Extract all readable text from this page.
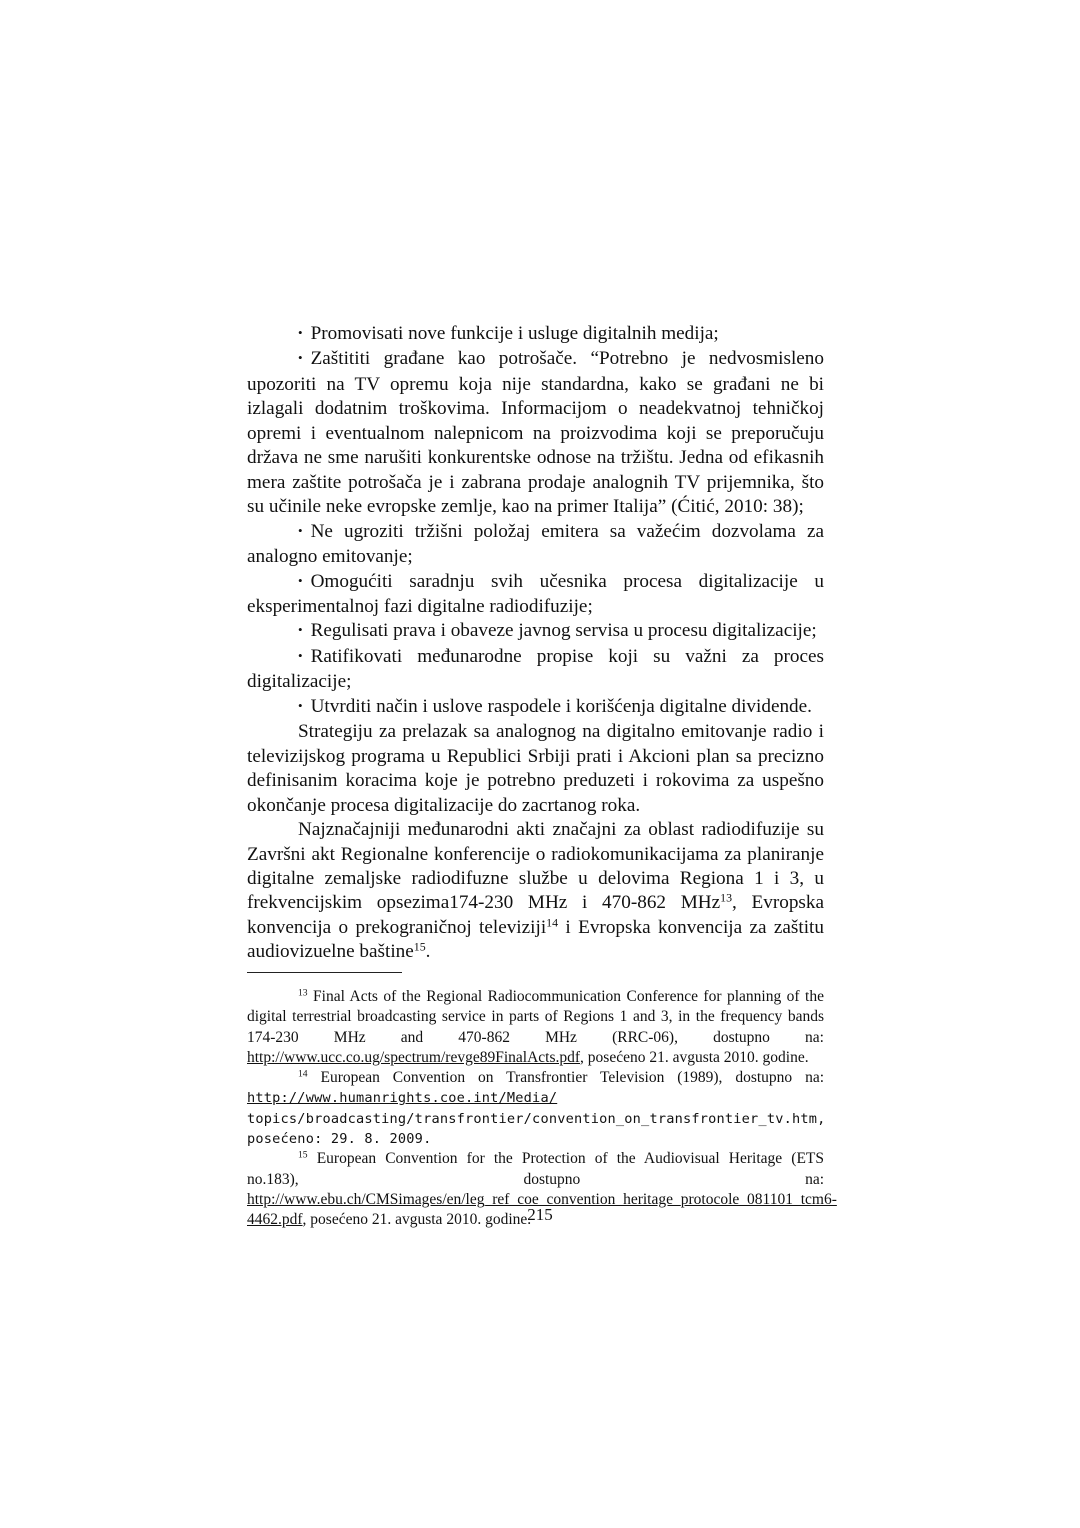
• Promovisati nove funkcije i usluge digitalnih medija;

• Zaštititi građane kao potrošače. “Potrebno je nedvosmisleno upozoriti na TV opremu koja nije standardna, kako se građani ne bi izlagali dodatnim troškovima. Informacijom o neadekvatnoj tehničkoj opremi i eventualnom nalepnicom na proizvodima koji se preporučuju država ne sme narušiti konkurentske odnose na tržištu. Jedna od efikasnih mera zaštite potrošača je i zabrana prodaje analognih TV prijemnika, što su učinile neke evropske zemlje, kao na primer Italija” (Ćitić, 2010: 38);

• Ne ugroziti tržišni položaj emitera sa važećim dozvolama za analogno emitovanje;

• Omogućiti saradnju svih učesnika procesa digitalizacije u eksperimentalnoj fazi digitalne radiodifuzije;

• Regulisati prava i obaveze javnog servisa u procesu digitalizacije;

• Ratifikovati međunarodne propise koji su važni za proces digitalizacije;

• Utvrditi način i uslove raspodele i korišćenja digitalne dividende.

Strategiju za prelazak sa analognog na digitalno emitovanje radio i televizijskog programa u Republici Srbiji prati i Akcioni plan sa precizno definisanim koracima koje je potrebno preduzeti i rokovima za uspešno okončanje procesa digitalizacije do zacrtanog roka.

Najznačajniji međunarodni akti značajni za oblast radiodifuzije su Završni akt Regionalne konferencije o radiokomunikacijama za planiranje digitalne zemaljske radiodifuzne službe u delovima Regiona 1 i 3, u frekvencijskim opsezima174-230 MHz i 470-862 MHz$^{13}$, Evropska konvencija o prekograničnoj televiziji$^{14}$ i Evropska konvencija za zaštitu audiovizuelne baštine$^{15}$.

$^{13}$ Final Acts of the Regional Radiocommunication Conference for planning of the digital terrestrial broadcasting service in parts of Regions 1 and 3, in the frequency bands 174-230 MHz and 470-862 MHz (RRC-06), dostupno na: http://www.ucc.co.ug/spectrum/revge89FinalActs.pdf, posećeno 21. avgusta 2010. godine.

$^{14}$ European Convention on Transfrontier Television (1989), dostupno na: http://www.humanrights.coe.int/Media/ topics/broadcasting/transfrontier/convention_on_transfrontier_tv.htm, posećeno: 29. 8. 2009.

$^{15}$ European Convention for the Protection of the Audiovisual Heritage (ETS no.183), dostupno na: http://www.ebu.ch/CMSimages/en/leg_ref_coe_convention_heritage_protocole_081101_tcm6-4462.pdf, posećeno 21. avgusta 2010. godine.

215
